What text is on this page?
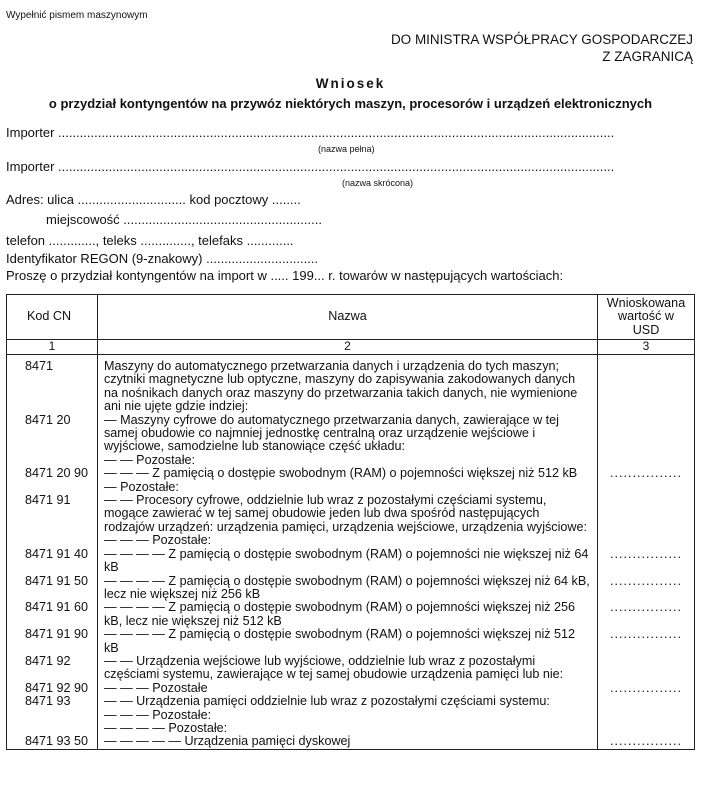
Wypełnić pismem maszynowym
DO MINISTRA WSPÓŁPRACY GOSPODARCZEJ
Z ZAGRANICĄ
Wniosek
o przydział kontyngentów na przywóz niektórych maszyn, procesorów i urządzeń elektronicznych
Importer ..........................................................................................................................................................
(nazwa pełna)
Importer ..........................................................................................................................................................
(nazwa skrócona)
Adres: ulica .............................. kod pocztowy ........
miejscowość .......................................................
telefon ............., teleks .............., telefaks .............
Identyfikator REGON (9-znakowy) ...............................
Proszę o przydział kontyngentów na import w ..... 199... r. towarów w następujących wartościach:
Kod CN	Nazwa	Wnioskowana wartość w USD
1	2	3

8471	Maszyny do automatycznego przetwarzania danych i urządzenia do tych maszyn; czytniki magnetyczne lub optyczne, maszyny do zapisywania zakodowanych danych na nośnikach danych oraz maszyny do przetwarzania takich danych, nie wymienione ani nie ujęte gdzie indziej:	
8471 20	— Maszyny cyfrowe do automatycznego przetwarzania danych, zawierające w tej samej obudowie co najmniej jednostkę centralną oraz urządzenie wejściowe i wyjściowe, samodzielne lub stanowiące część układu:	
	— — Pozostałe:	
8471 20 90	— — — Z pamięcią o dostępie swobodnym (RAM) o pojemności większej niż 512 kB	................
	— Pozostałe:	
8471 91	— — Procesory cyfrowe, oddzielnie lub wraz z pozostałymi częściami systemu, mogące zawierać w tej samej obudowie jeden lub dwa spośród następujących rodzajów urządzeń: urządzenia pamięci, urządzenia wejściowe, urządzenia wyjściowe:	
	— — — Pozostałe:	
8471 91 40	— — — — Z pamięcią o dostępie swobodnym (RAM) o pojemności nie większej niż 64 kB	................
8471 91 50	— — — — Z pamięcią o dostępie swobodnym (RAM) o pojemności większej niż 64 kB, lecz nie większej niż 256 kB	................
8471 91 60	— — — — Z pamięcią o dostępie swobodnym (RAM) o pojemności większej niż 256 kB, lecz nie większej niż 512 kB	................
8471 91 90	— — — — Z pamięcią o dostępie swobodnym (RAM) o pojemności większej niż 512 kB	................
8471 92	— — Urządzenia wejściowe lub wyjściowe, oddzielnie lub wraz z pozostałymi częściami systemu, zawierające w tej samej obudowie urządzenia pamięci lub nie:	
8471 92 90	— — — Pozostałe	................
8471 93	— — Urządzenia pamięci oddzielnie lub wraz z pozostałymi częściami systemu:	
	— — — Pozostałe:	
	— — — — Pozostałe:	
8471 93 50	— — — — — Urządzenia pamięci dyskowej	................
